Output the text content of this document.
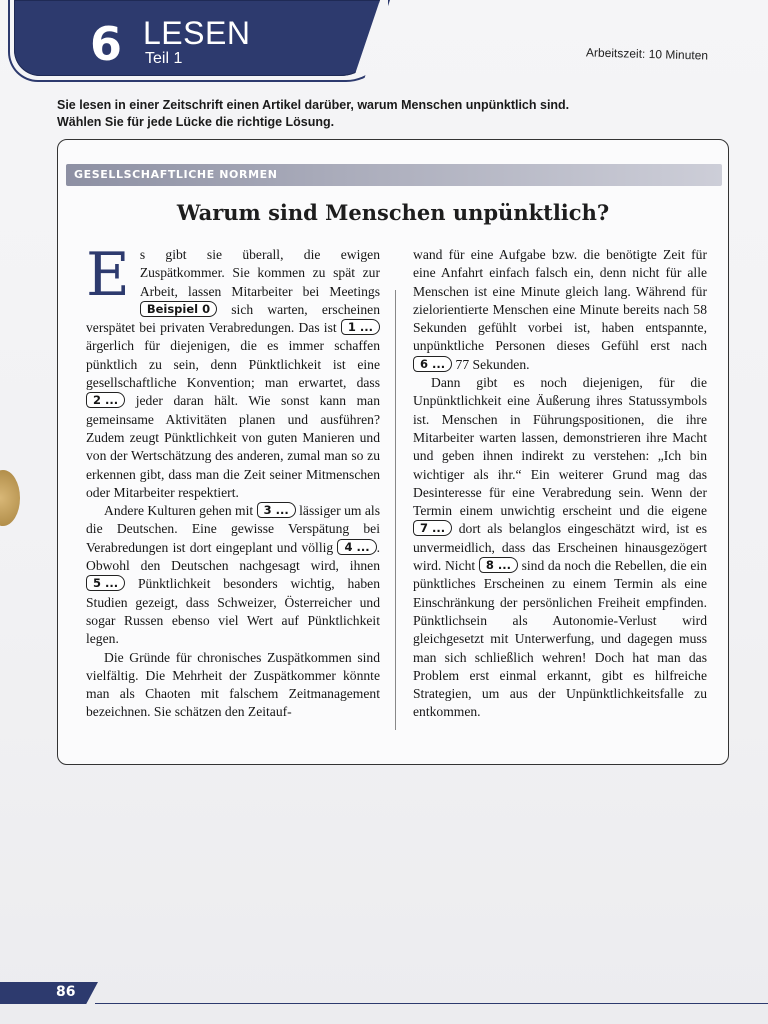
6 LESEN
Teil 1	Arbeitszeit: 10 Minuten
Sie lesen in einer Zeitschrift einen Artikel darüber, warum Menschen unpünktlich sind.
Wählen Sie für jede Lücke die richtige Lösung.
GESELLSCHAFTLICHE NORMEN
Warum sind Menschen unpünktlich?

Es gibt sie überall, die ewigen Zuspätkommer. Sie kommen zu spät zur Arbeit, lassen Mitarbeiter bei Meetings Beispiel 0 sich warten, erscheinen verspätet bei privaten Verabredungen. Das ist 1 ... ärgerlich für diejenigen, die es immer schaffen pünktlich zu sein, denn Pünktlichkeit ist eine gesellschaftliche Konvention; man erwartet, dass 2 ... jeder daran hält. Wie sonst kann man gemeinsame Aktivitäten planen und ausführen? Zudem zeugt Pünktlichkeit von guten Manieren und von der Wertschätzung des anderen, zumal man so zu erkennen gibt, dass man die Zeit seiner Mitmenschen oder Mitarbeiter respektiert.

Andere Kulturen gehen mit 3 ... lässiger um als die Deutschen. Eine gewisse Verspätung bei Verabredungen ist dort eingeplant und völlig 4 ... . Obwohl den Deutschen nachgesagt wird, ihnen 5 ... Pünktlichkeit besonders wichtig, haben Studien gezeigt, dass Schweizer, Österreicher und sogar Russen ebenso viel Wert auf Pünktlichkeit legen.

Die Gründe für chronisches Zuspätkommen sind vielfältig. Die Mehrheit der Zuspätkommer könnte man als Chaoten mit falschem Zeitmanagement bezeichnen. Sie schätzen den Zeitauf-

wand für eine Aufgabe bzw. die benötigte Zeit für eine Anfahrt einfach falsch ein, denn nicht für alle Menschen ist eine Minute gleich lang. Während für zielorientierte Menschen eine Minute bereits nach 58 Sekunden gefühlt vorbei ist, haben entspannte, unpünktliche Personen dieses Gefühl erst nach 6 ... 77 Sekunden.

Dann gibt es noch diejenigen, für die Unpünktlichkeit eine Äußerung ihres Statussymbols ist. Menschen in Führungspositionen, die ihre Mitarbeiter warten lassen, demonstrieren ihre Macht und geben ihnen indirekt zu verstehen: „Ich bin wichtiger als ihr.“ Ein weiterer Grund mag das Desinteresse für eine Verabredung sein. Wenn der Termin einem unwichtig erscheint und die eigene 7 ... dort als belanglos eingeschätzt wird, ist es unvermeidlich, dass das Erscheinen hinausgezögert wird. Nicht 8 ... sind da noch die Rebellen, die ein pünktliches Erscheinen zu einem Termin als eine Einschränkung der persönlichen Freiheit empfinden. Pünktlichsein als Autonomie-Verlust wird gleichgesetzt mit Unterwerfung, und dagegen muss man sich schließlich wehren! Doch hat man das Problem erst einmal erkannt, gibt es hilfreiche Strategien, um aus der Unpünktlichkeitsfalle zu entkommen.

86
